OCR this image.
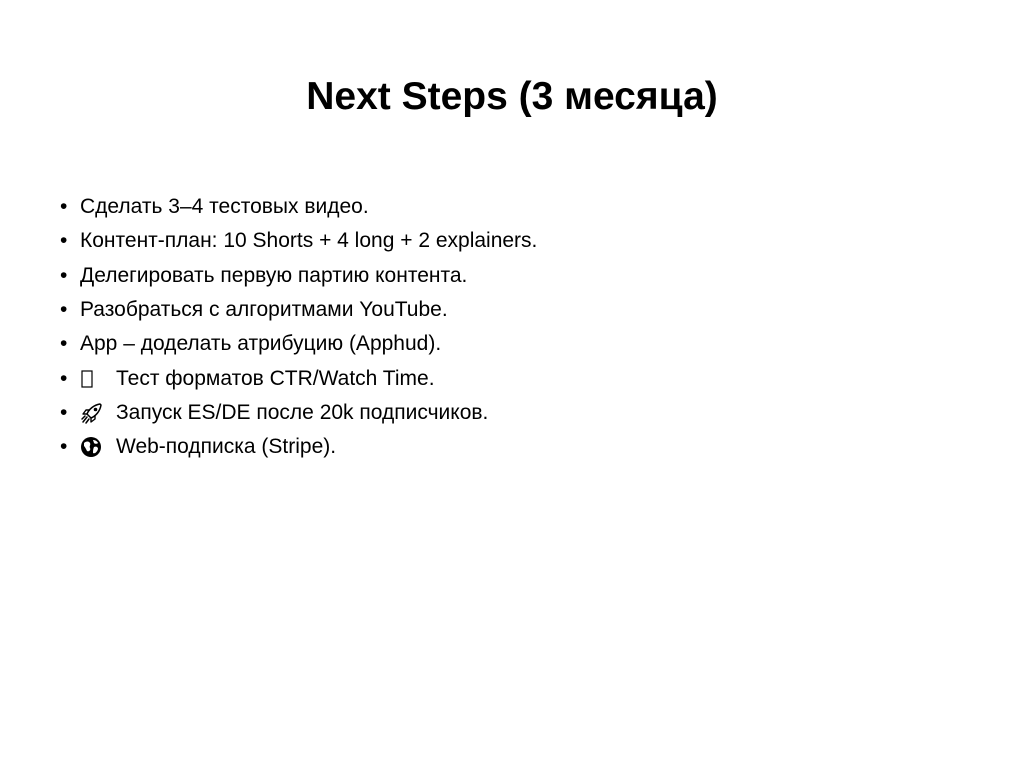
Next Steps (3 месяца)
• Сделать 3–4 тестовых видео.
• Контент-план: 10 Shorts + 4 long + 2 explainers.
• Делегировать первую партию контента.
• Разобраться с алгоритмами YouTube.
• App – доделать атрибуцию (Apphud).
•	Тест форматов CTR/Watch Time.
•	Запуск ES/DE после 20k подписчиков.
•	Web-подписка (Stripe).
